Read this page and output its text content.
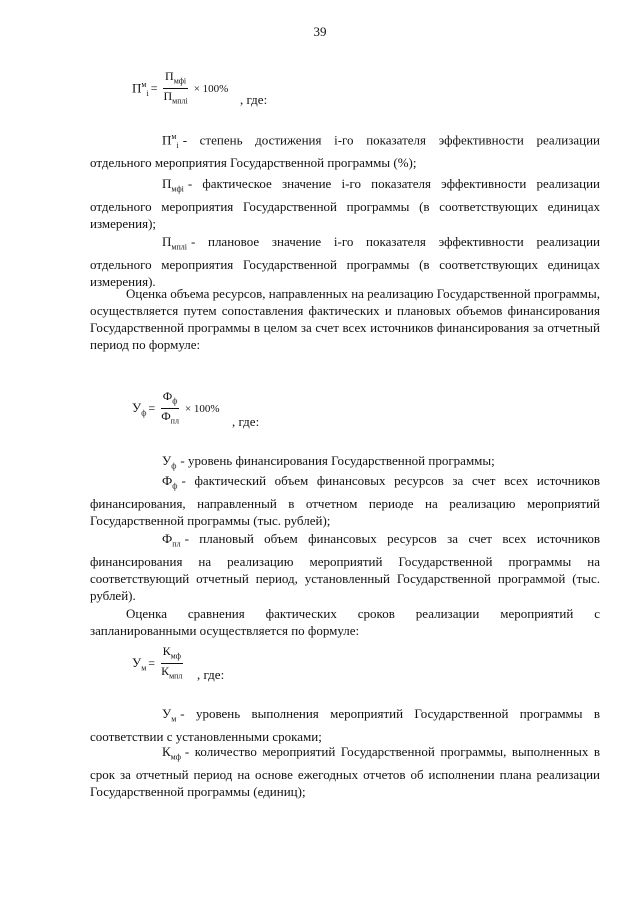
39
$П^м_i = \frac{П_{мфi}}{П_{мплi}} \times 100\%$
, где:
$П^м_i$ - степень достижения i-го показателя эффективности реализации отдельного мероприятия Государственной программы (%);
$П_{мфi}$ - фактическое значение i-го показателя эффективности реализации отдельного мероприятия Государственной программы (в соответствующих единицах измерения);
$П_{мплi}$ - плановое значение i-го показателя эффективности реализации отдельного мероприятия Государственной программы (в соответствующих единицах измерения).
Оценка объема ресурсов, направленных на реализацию Государственной программы, осуществляется путем сопоставления фактических и плановых объемов финансирования Государственной программы в целом за счет всех источников финансирования за отчетный период по формуле:
$У_ф = \frac{Ф_ф}{Ф_{пл}} \times 100\%$
, где:
$У_ф$ - уровень финансирования Государственной программы;
$Ф_ф$ - фактический объем финансовых ресурсов за счет всех источников финансирования, направленный в отчетном периоде на реализацию мероприятий Государственной программы (тыс. рублей);
$Ф_{пл}$ - плановый объем финансовых ресурсов за счет всех источников финансирования на реализацию мероприятий Государственной программы на соответствующий отчетный период, установленный Государственной программой (тыс. рублей).
Оценка сравнения фактических сроков реализации мероприятий с запланированными осуществляется по формуле:
$У_м = \frac{К_{мф}}{К_{мпл}}$ , где:
$У_м$ - уровень выполнения мероприятий Государственной программы в соответствии с установленными сроками;
$К_{мф}$ - количество мероприятий Государственной программы, выполненных в срок за отчетный период на основе ежегодных отчетов об исполнении плана реализации Государственной программы (единиц);
